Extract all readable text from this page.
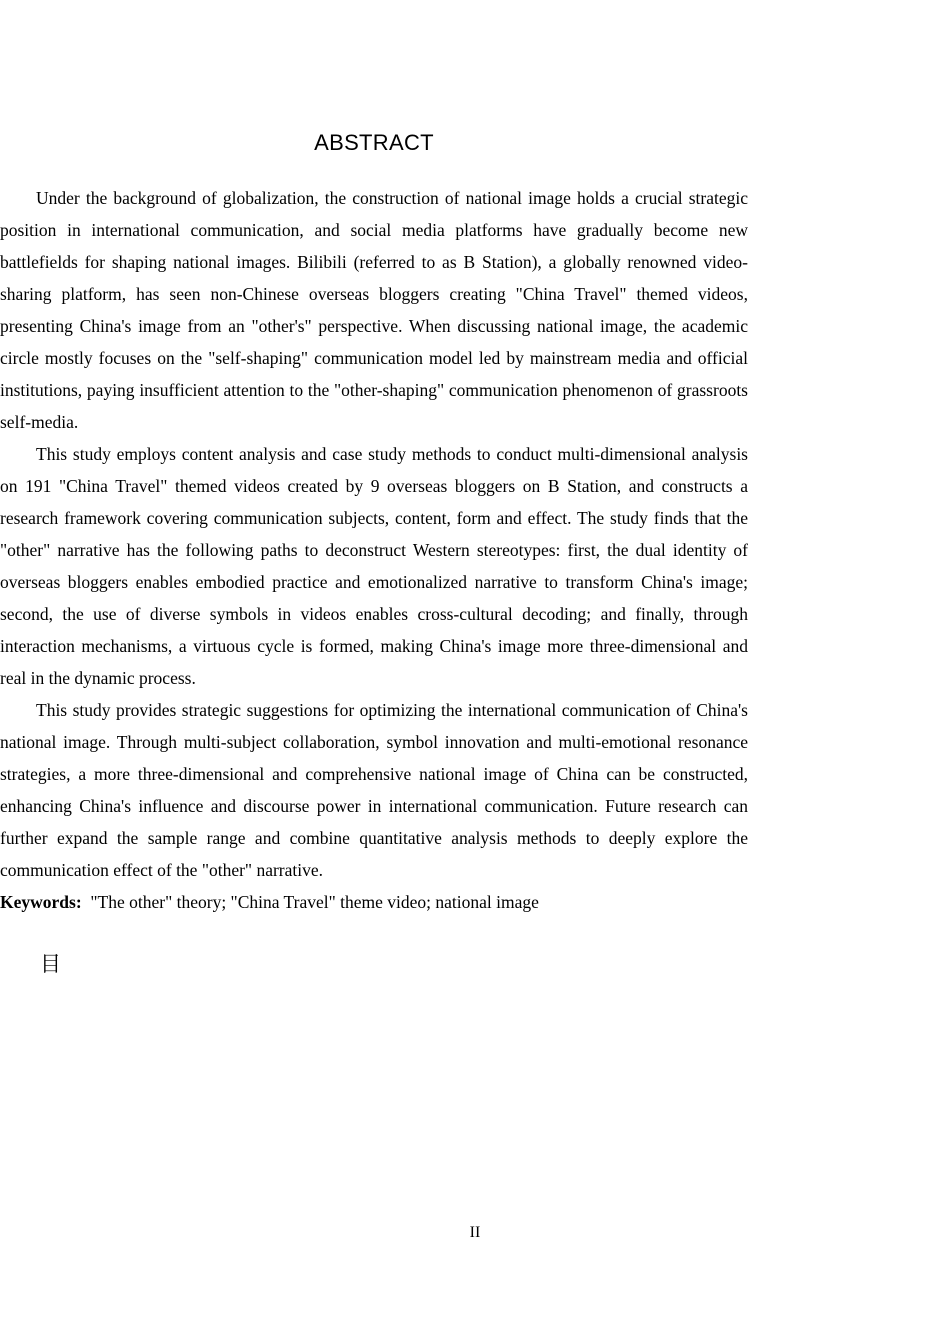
ABSTRACT

Under the background of globalization, the construction of national image holds a crucial strategic position in international communication, and social media platforms have gradually become new battlefields for shaping national images. Bilibili (referred to as B Station), a globally renowned video-sharing platform, has seen non-Chinese overseas bloggers creating "China Travel" themed videos, presenting China's image from an "other's" perspective. When discussing national image, the academic circle mostly focuses on the "self-shaping" communication model led by mainstream media and official institutions, paying insufficient attention to the "other-shaping" communication phenomenon of grassroots self-media.

This study employs content analysis and case study methods to conduct multi-dimensional analysis on 191 "China Travel" themed videos created by 9 overseas bloggers on B Station, and constructs a research framework covering communication subjects, content, form and effect. The study finds that the "other" narrative has the following paths to deconstruct Western stereotypes: first, the dual identity of overseas bloggers enables embodied practice and emotionalized narrative to transform China's image; second, the use of diverse symbols in videos enables cross-cultural decoding; and finally, through interaction mechanisms, a virtuous cycle is formed, making China's image more three-dimensional and real in the dynamic process.

This study provides strategic suggestions for optimizing the international communication of China's national image. Through multi-subject collaboration, symbol innovation and multi-emotional resonance strategies, a more three-dimensional and comprehensive national image of China can be constructed, enhancing China's influence and discourse power in international communication. Future research can further expand the sample range and combine quantitative analysis methods to deeply explore the communication effect of the "other" narrative.

Keywords: "The other" theory; "China Travel" theme video; national image

目

II
